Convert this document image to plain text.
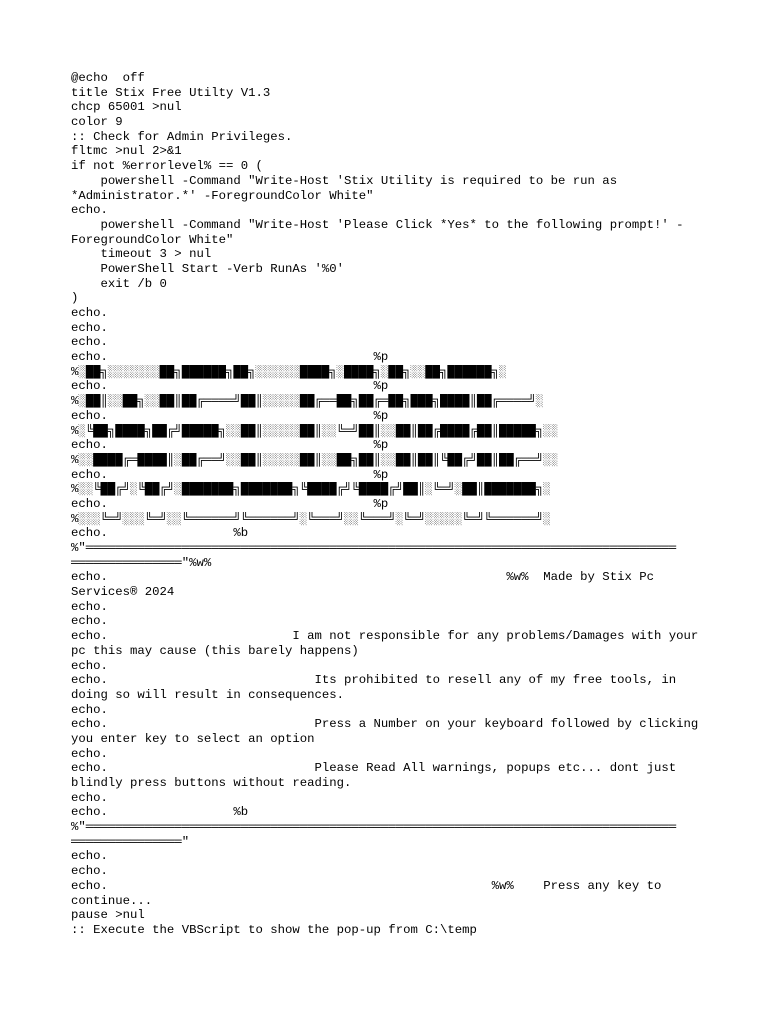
@echo  off
title Stix Free Utilty V1.3
chcp 65001 >nul
color 9
:: Check for Admin Privileges.
fltmc >nul 2>&1
if not %errorlevel% == 0 (
powershell -Command "Write-Host 'Stix Utility is required to be run as
*Administrator.*' -ForegroundColor White"
echo.
powershell -Command "Write-Host 'Please Click *Yes* to the following prompt!' -
ForegroundColor White"
timeout 3 > nul
PowerShell Start -Verb RunAs '%0'
exit /b 0
)
echo.
echo.
echo.
echo.                                    %p
%░██╗░░░░░░░██╗██████╗██╗░░░░░░████╗░████╗░██╗░░██╗██████╗░
echo.                                    %p
%░██║░░██╗░░██║██╔════╝██║░░░░░██╔══██╗██╔═██╗███╗████║██╔════╝░
echo.                                    %p
%░╚██╗████╗██╔╝█████╗░░██║░░░░░██║░░╚═╝██║░░██║██╔████╔██║█████╗░░
echo.                                    %p
%░░████╔═████║░██╔══╝░░██║░░░░░██║░░██╗██║░░██║██║╚██╔╝██║██╔══╝░░
echo.                                    %p
%░░╚██╔╝░╚██╔╝░███████╗███████╗╚████╔╝╚████╔╝██║░╚═╝░██║███████╗░
echo.                                    %p
%░░░╚═╝░░░╚═╝░░╚══════╝╚══════╝░╚═══╝░░╚═══╝░╚═╝░░░░░╚═╝╚══════╝░
echo.                 %b
%"════════════════════════════════════════════════════════════════════════════════
═══════════════"%w%
echo.                                                      %w%  Made by Stix Pc
Services® 2024
echo.
echo.
echo.                         I am not responsible for any problems/Damages with your
pc this may cause (this barely happens)
echo.
echo.                            Its prohibited to resell any of my free tools, in
doing so will result in consequences.
echo.
echo.                            Press a Number on your keyboard followed by clicking
you enter key to select an option
echo.
echo.                            Please Read All warnings, popups etc... dont just
blindly press buttons without reading.
echo.
echo.                 %b
%"════════════════════════════════════════════════════════════════════════════════
═══════════════"
echo.
echo.
echo.                                                    %w%    Press any key to
continue...
pause >nul
:: Execute the VBScript to show the pop-up from C:\temp
